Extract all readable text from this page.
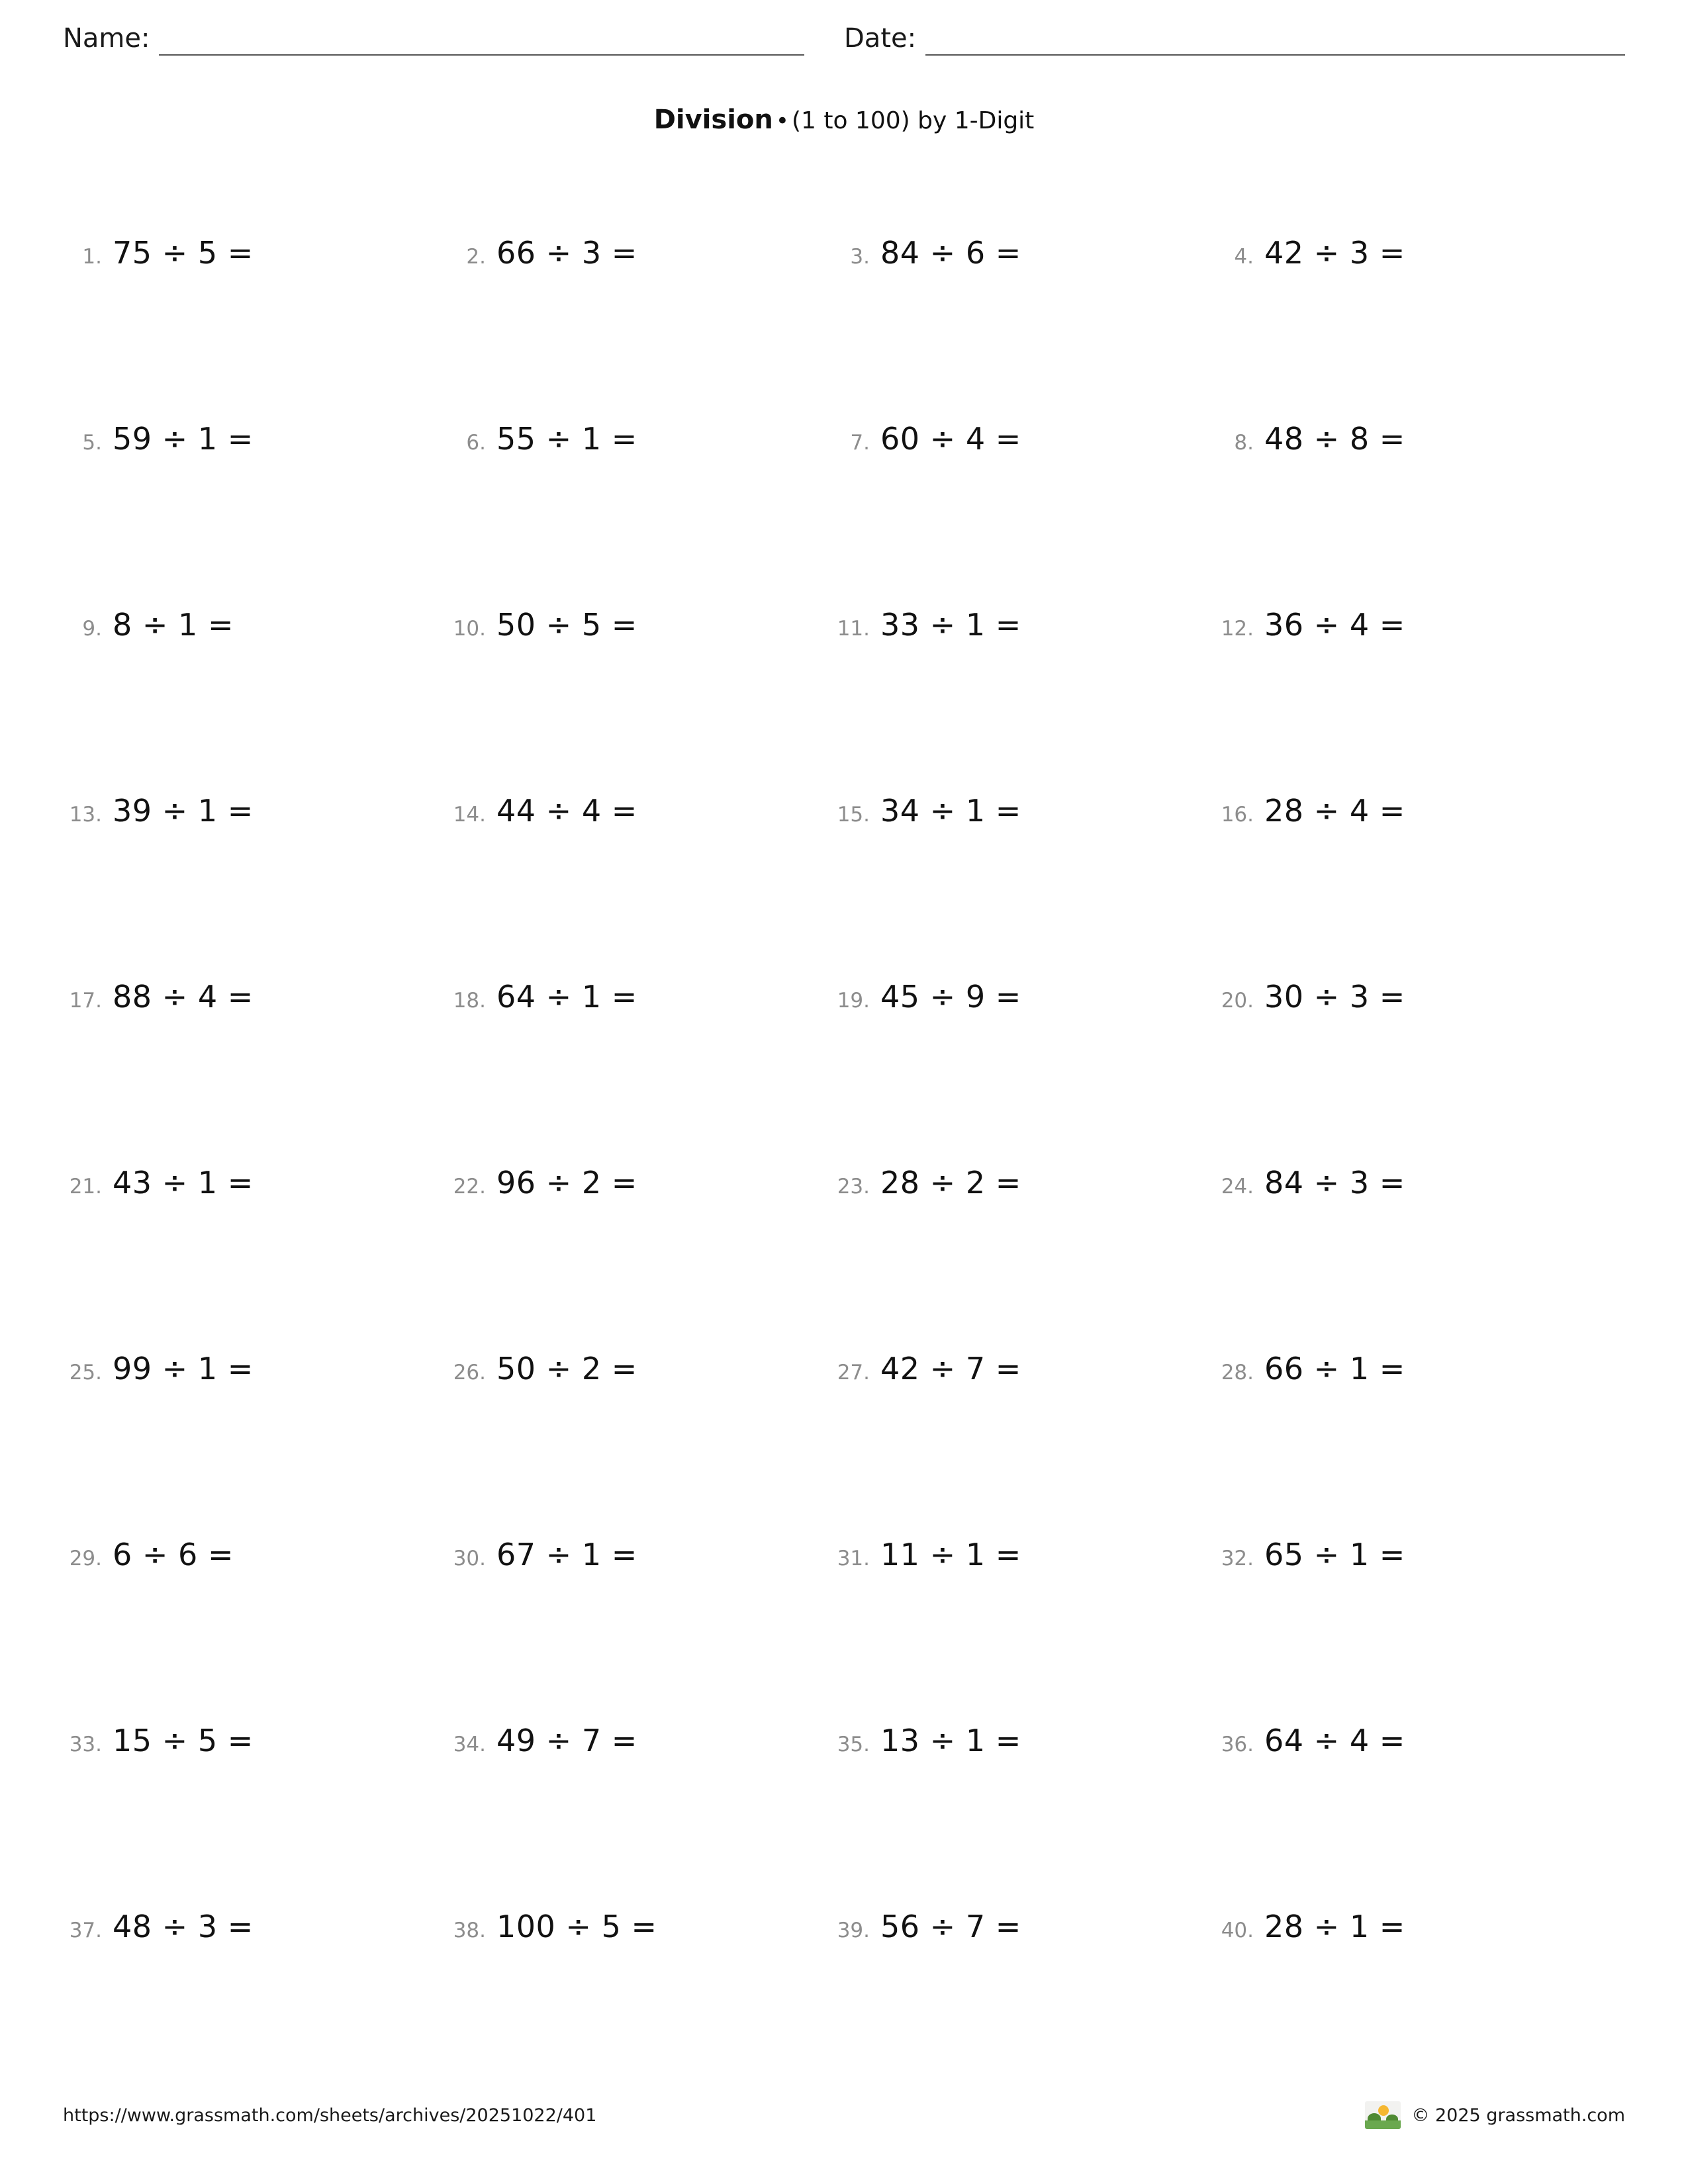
Name:	Date:
Division • (1 to 100) by 1-Digit
1. 75 ÷ 5 =	2. 66 ÷ 3 =	3. 84 ÷ 6 =	4. 42 ÷ 3 =
5. 59 ÷ 1 =	6. 55 ÷ 1 =	7. 60 ÷ 4 =	8. 48 ÷ 8 =
9. 8 ÷ 1 =	10. 50 ÷ 5 =	11. 33 ÷ 1 =	12. 36 ÷ 4 =
13. 39 ÷ 1 =	14. 44 ÷ 4 =	15. 34 ÷ 1 =	16. 28 ÷ 4 =
17. 88 ÷ 4 =	18. 64 ÷ 1 =	19. 45 ÷ 9 =	20. 30 ÷ 3 =
21. 43 ÷ 1 =	22. 96 ÷ 2 =	23. 28 ÷ 2 =	24. 84 ÷ 3 =
25. 99 ÷ 1 =	26. 50 ÷ 2 =	27. 42 ÷ 7 =	28. 66 ÷ 1 =
29. 6 ÷ 6 =	30. 67 ÷ 1 =	31. 11 ÷ 1 =	32. 65 ÷ 1 =
33. 15 ÷ 5 =	34. 49 ÷ 7 =	35. 13 ÷ 1 =	36. 64 ÷ 4 =
37. 48 ÷ 3 =	38. 100 ÷ 5 =	39. 56 ÷ 7 =	40. 28 ÷ 1 =
https://www.grassmath.com/sheets/archives/20251022/401	© 2025 grassmath.com
